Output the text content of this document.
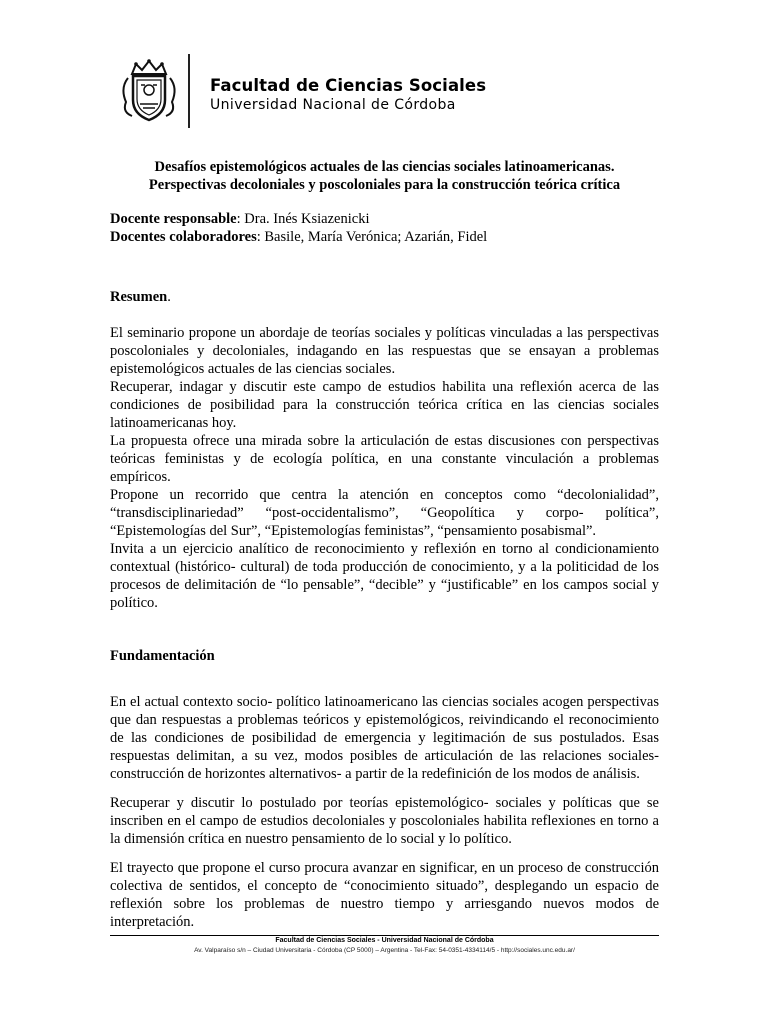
Facultad de Ciencias Sociales
Universidad Nacional de Córdoba

Desafíos epistemológicos actuales de las ciencias sociales latinoamericanas.
Perspectivas decoloniales y poscoloniales para la construcción teórica crítica

Docente responsable: Dra. Inés Ksiazenicki
Docentes colaboradores: Basile, María Verónica; Azarián, Fidel

Resumen.

El seminario propone un abordaje de teorías sociales y políticas vinculadas a las perspectivas poscoloniales y decoloniales, indagando en las respuestas que se ensayan a problemas epistemológicos actuales de las ciencias sociales.

Recuperar, indagar y discutir este campo de estudios habilita una reflexión acerca de las condiciones de posibilidad para la construcción teórica crítica en las ciencias sociales latinoamericanas hoy.

La propuesta ofrece una mirada sobre la articulación de estas discusiones con perspectivas teóricas feministas y de ecología política, en una constante vinculación a problemas empíricos.

Propone un recorrido que centra la atención en conceptos como “decolonialidad”, “transdisciplinariedad” “post-occidentalismo”, “Geopolítica y corpo- política”, “Epistemologías del Sur”, “Epistemologías feministas”, “pensamiento posabismal”.

Invita a un ejercicio analítico de reconocimiento y reflexión en torno al condicionamiento contextual (histórico- cultural) de toda producción de conocimiento, y a la politicidad de los procesos de delimitación de “lo pensable”, “decible” y “justificable” en los campos social y político.

Fundamentación

En el actual contexto socio- político latinoamericano las ciencias sociales acogen perspectivas que dan respuestas a problemas teóricos y epistemológicos, reivindicando el reconocimiento de las condiciones de posibilidad de emergencia y legitimación de sus postulados. Esas respuestas delimitan, a su vez, modos posibles de articulación de las relaciones sociales- construcción de horizontes alternativos- a partir de la redefinición de los modos de análisis.

Recuperar y discutir lo postulado por teorías epistemológico- sociales y políticas que se inscriben en el campo de estudios decoloniales y poscoloniales habilita reflexiones en torno a la dimensión crítica en nuestro pensamiento de lo social y lo político.

El trayecto que propone el curso procura avanzar en significar, en un proceso de construcción colectiva de sentidos, el concepto de “conocimiento situado”, desplegando un espacio de reflexión sobre los problemas de nuestro tiempo y arriesgando nuevos modos de interpretación.

Facultad de Ciencias Sociales - Universidad Nacional de Córdoba
Av. Valparaíso s/n – Ciudad Universitaria - Córdoba (CP 5000) – Argentina - Tel-Fax: 54-0351-4334114/5 - http://sociales.unc.edu.ar/
